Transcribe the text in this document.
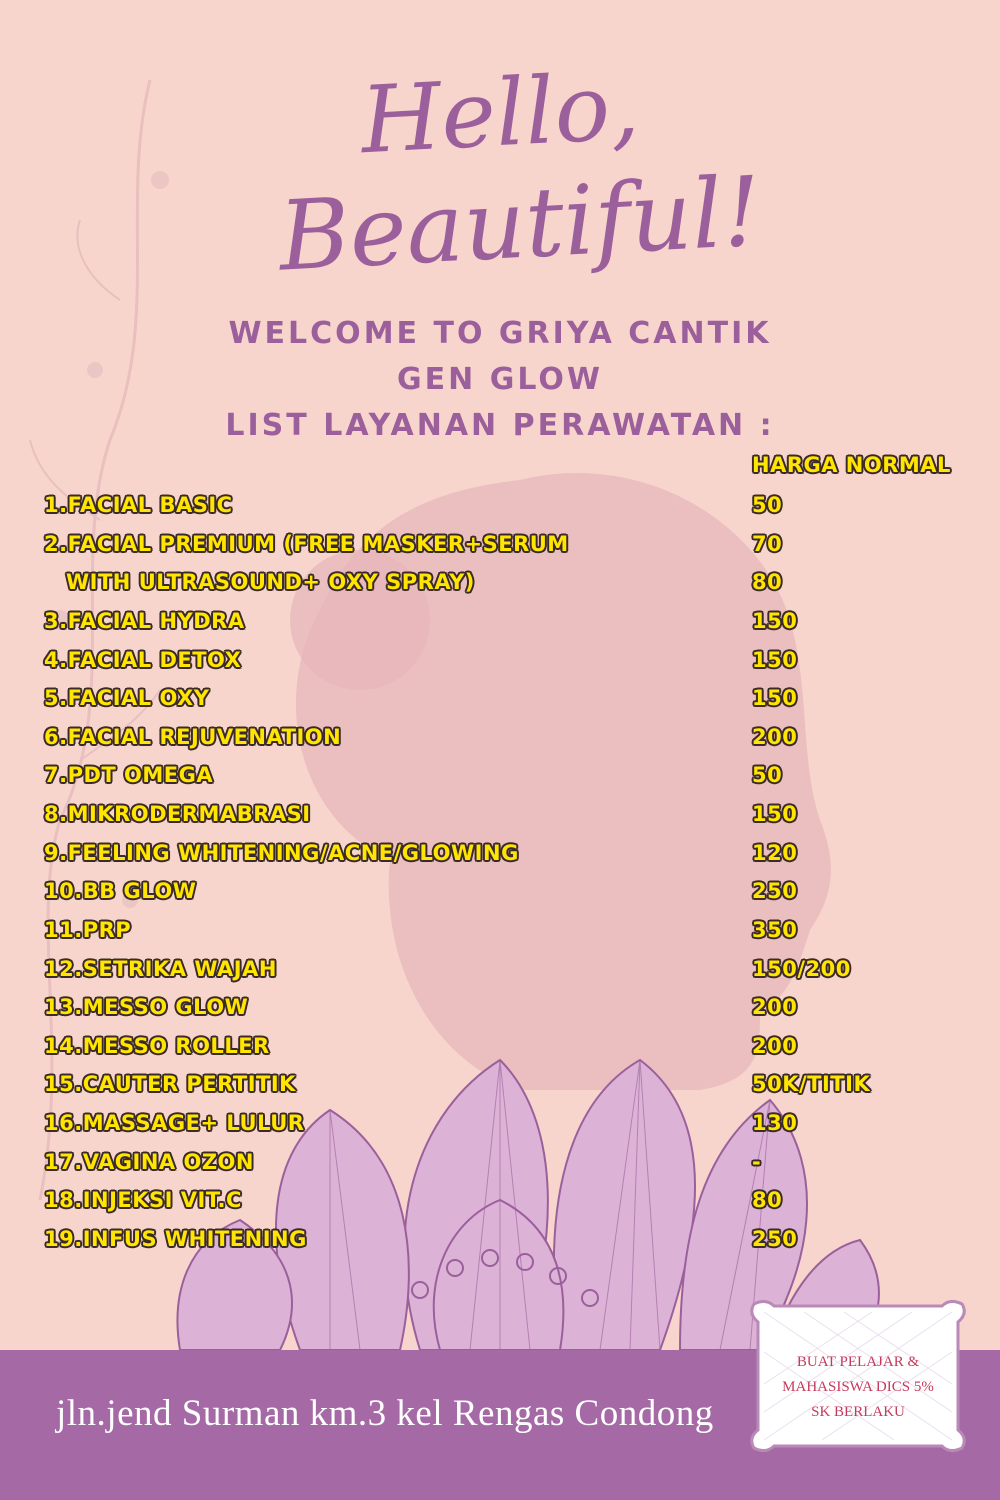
Hello,
Beautiful!
WELCOME TO GRIYA CANTIK
GEN GLOW
LIST LAYANAN PERAWATAN :
HARGA NORMAL
1.FACIAL BASIC	50
2.FACIAL PREMIUM (FREE MASKER+SERUM	70
WITH ULTRASOUND+ OXY SPRAY)	80
3.FACIAL HYDRA	150
4.FACIAL DETOX	150
5.FACIAL OXY	150
6.FACIAL REJUVENATION	200
7.PDT OMEGA	50
8.MIKRODERMABRASI	150
9.FEELING WHITENING/ACNE/GLOWING	120
10.BB GLOW	250
11.PRP	350
12.SETRIKA WAJAH	150/200
13.MESSO GLOW	200
14.MESSO ROLLER	200
15.CAUTER PERTITIK	50K/TITIK
16.MASSAGE+ LULUR	130
17.VAGINA OZON	-
18.INJEKSI VIT.C	80
19.INFUS WHITENING	250
jln.jend Surman km.3 kel Rengas Condong
BUAT PELAJAR &
MAHASISWA DICS 5%
SK BERLAKU
